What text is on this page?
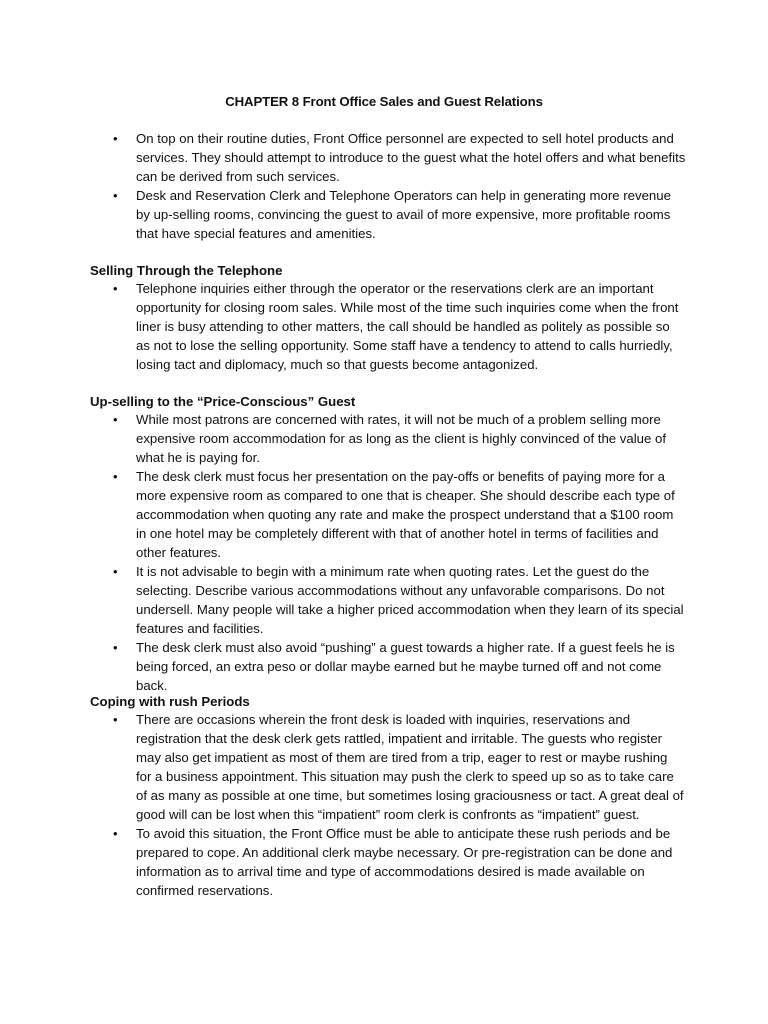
CHAPTER 8 Front Office Sales and Guest Relations
• On top on their routine duties, Front Office personnel are expected to sell hotel products and services. They should attempt to introduce to the guest what the hotel offers and what benefits can be derived from such services.
• Desk and Reservation Clerk and Telephone Operators can help in generating more revenue by up-selling rooms, convincing the guest to avail of more expensive, more profitable rooms that have special features and amenities.
Selling Through the Telephone
• Telephone inquiries either through the operator or the reservations clerk are an important opportunity for closing room sales. While most of the time such inquiries come when the front liner is busy attending to other matters, the call should be handled as politely as possible so as not to lose the selling opportunity. Some staff have a tendency to attend to calls hurriedly, losing tact and diplomacy, much so that guests become antagonized.
Up-selling to the “Price-Conscious” Guest
• While most patrons are concerned with rates, it will not be much of a problem selling more expensive room accommodation for as long as the client is highly convinced of the value of what he is paying for.
• The desk clerk must focus her presentation on the pay-offs or benefits of paying more for a more expensive room as compared to one that is cheaper. She should describe each type of accommodation when quoting any rate and make the prospect understand that a $100 room in one hotel may be completely different with that of another hotel in terms of facilities and other features.
• It is not advisable to begin with a minimum rate when quoting rates. Let the guest do the selecting. Describe various accommodations without any unfavorable comparisons. Do not undersell. Many people will take a higher priced accommodation when they learn of its special features and facilities.
• The desk clerk must also avoid “pushing” a guest towards a higher rate. If a guest feels he is being forced, an extra peso or dollar maybe earned but he maybe turned off and not come back.
Coping with rush Periods
• There are occasions wherein the front desk is loaded with inquiries, reservations and registration that the desk clerk gets rattled, impatient and irritable. The guests who register may also get impatient as most of them are tired from a trip, eager to rest or maybe rushing for a business appointment. This situation may push the clerk to speed up so as to take care of as many as possible at one time, but sometimes losing graciousness or tact. A great deal of good will can be lost when this “impatient” room clerk is confronts as “impatient” guest.
• To avoid this situation, the Front Office must be able to anticipate these rush periods and be prepared to cope. An additional clerk maybe necessary. Or pre-registration can be done and information as to arrival time and type of accommodations desired is made available on confirmed reservations.
